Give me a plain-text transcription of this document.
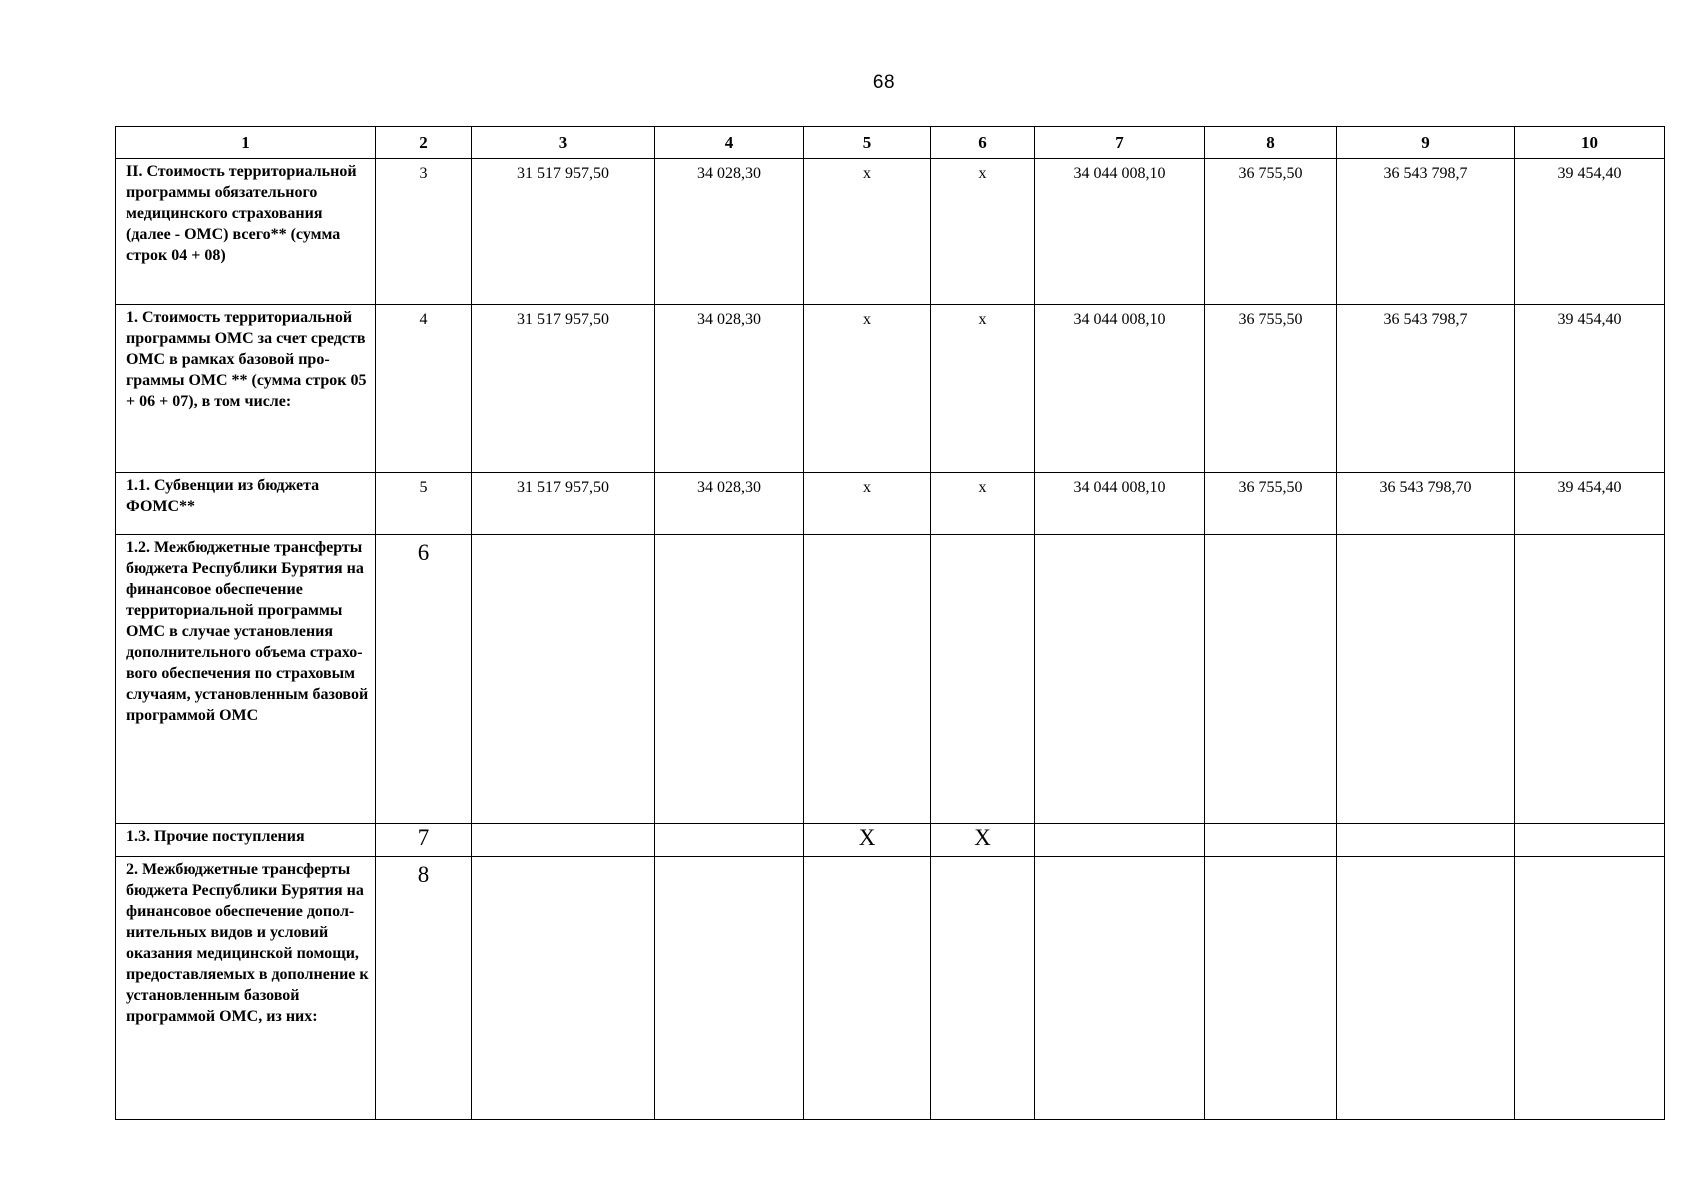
68
1	2	3	4	5	6	7	8	9	10
II. Стоимость территориальной программы обязательного медицинского страхования (далее - ОМС) всего** (сумма строк 04 + 08)	3	31 517 957,50	34 028,30	х	х	34 044 008,10	36 755,50	36 543 798,7	39 454,40
1. Стоимость территориальной программы ОМС за счет средств ОМС в рамках базовой программы ОМС ** (сумма строк 05 + 06 + 07), в том числе:	4	31 517 957,50	34 028,30	х	х	34 044 008,10	36 755,50	36 543 798,7	39 454,40
1.1. Субвенции из бюджета ФОМС**	5	31 517 957,50	34 028,30	х	х	34 044 008,10	36 755,50	36 543 798,70	39 454,40
1.2. Межбюджетные трансферты бюджета Республики Бурятия на финансовое обеспечение территориальной программы ОМС в случае установления дополнительного объема страхового обеспечения по страховым случаям, установленным базовой программой ОМС	6								
1.3. Прочие поступления	7			Х	Х				
2. Межбюджетные трансферты бюджета Республики Бурятия на финансовое обеспечение дополнительных видов и условий оказания медицинской помощи, предоставляемых в дополнение к установленным базовой программой ОМС, из них:	8								
